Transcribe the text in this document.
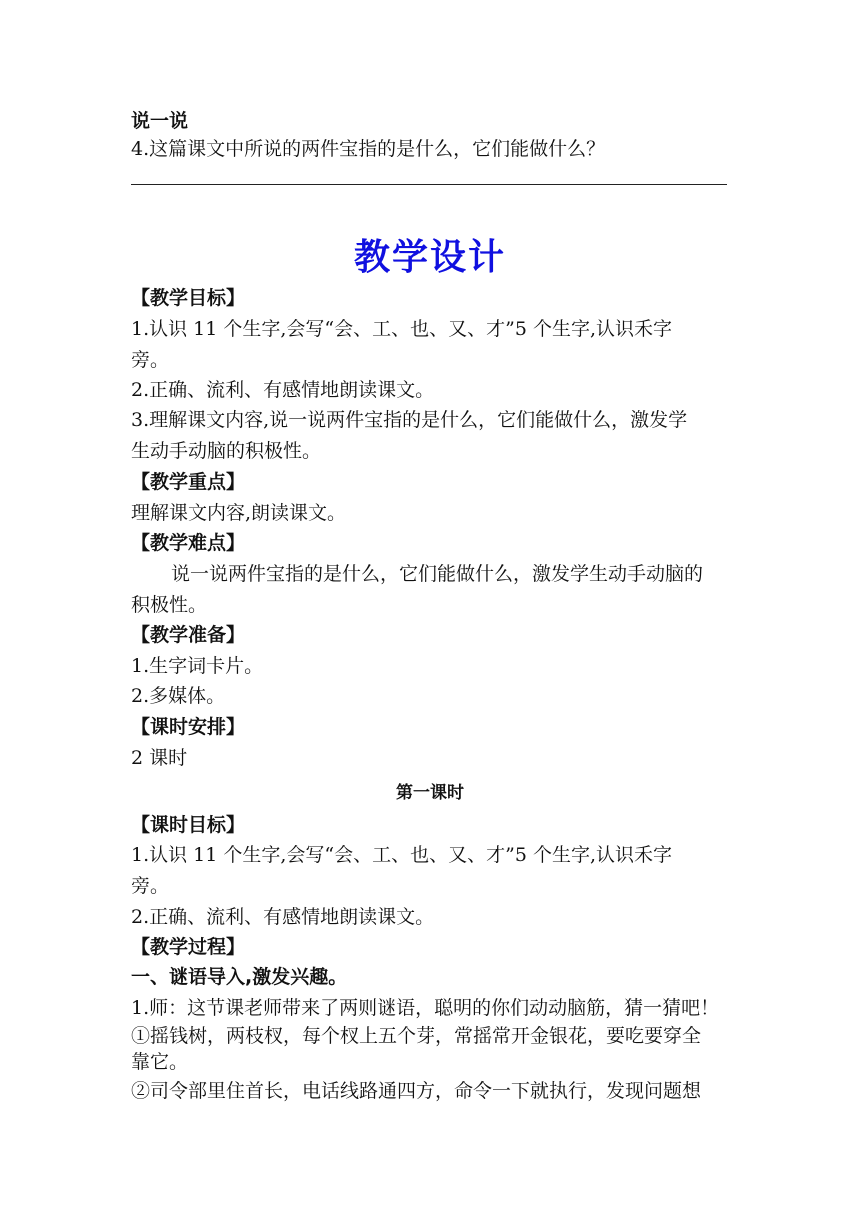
说一说
4.这篇课文中所说的两件宝指的是什么，它们能做什么？
教学设计
【教学目标】
1.认识 11 个生字,会写“会、工、也、又、才”5 个生字,认识禾字
旁。
2.正确、流利、有感情地朗读课文。
3.理解课文内容,说一说两件宝指的是什么，它们能做什么，激发学
生动手动脑的积极性。
【教学重点】
理解课文内容,朗读课文。
【教学难点】
说一说两件宝指的是什么，它们能做什么，激发学生动手动脑的
积极性。
【教学准备】
1.生字词卡片。
2.多媒体。
【课时安排】
2 课时
第一课时
【课时目标】
1.认识 11 个生字,会写“会、工、也、又、才”5 个生字,认识禾字
旁。
2.正确、流利、有感情地朗读课文。
【教学过程】
一、谜语导入,激发兴趣。
1.师：这节课老师带来了两则谜语，聪明的你们动动脑筋，猜一猜吧！
①摇钱树，两枝杈，每个杈上五个芽，常摇常开金银花，要吃要穿全
靠它。
②司令部里住首长，电话线路通四方，命令一下就执行，发现问题想
